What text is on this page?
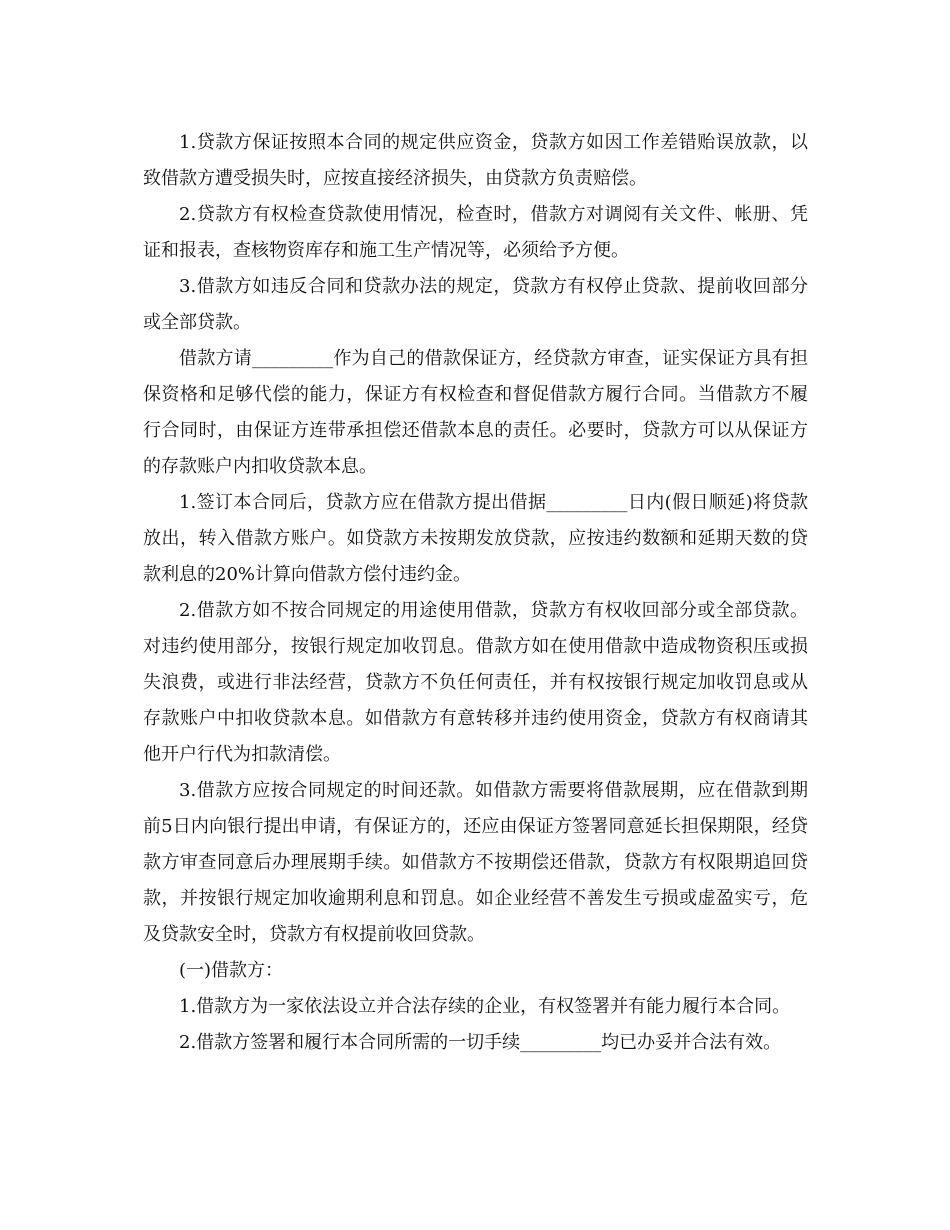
1.贷款方保证按照本合同的规定供应资金，贷款方如因工作差错贻误放款，以致借款方遭受损失时，应按直接经济损失，由贷款方负责赔偿。

2.贷款方有权检查贷款使用情况，检查时，借款方对调阅有关文件、帐册、凭证和报表，查核物资库存和施工生产情况等，必须给予方便。

3.借款方如违反合同和贷款办法的规定，贷款方有权停止贷款、提前收回部分或全部贷款。

借款方请_________作为自己的借款保证方，经贷款方审查，证实保证方具有担保资格和足够代偿的能力，保证方有权检查和督促借款方履行合同。当借款方不履行合同时，由保证方连带承担偿还借款本息的责任。必要时，贷款方可以从保证方的存款账户内扣收贷款本息。

1.签订本合同后，贷款方应在借款方提出借据_________日内(假日顺延)将贷款放出，转入借款方账户。如贷款方未按期发放贷款，应按违约数额和延期天数的贷款利息的20%计算向借款方偿付违约金。

2.借款方如不按合同规定的用途使用借款，贷款方有权收回部分或全部贷款。对违约使用部分，按银行规定加收罚息。借款方如在使用借款中造成物资积压或损失浪费，或进行非法经营，贷款方不负任何责任，并有权按银行规定加收罚息或从存款账户中扣收贷款本息。如借款方有意转移并违约使用资金，贷款方有权商请其他开户行代为扣款清偿。

3.借款方应按合同规定的时间还款。如借款方需要将借款展期，应在借款到期前5日内向银行提出申请，有保证方的，还应由保证方签署同意延长担保期限，经贷款方审查同意后办理展期手续。如借款方不按期偿还借款，贷款方有权限期追回贷款，并按银行规定加收逾期利息和罚息。如企业经营不善发生亏损或虚盈实亏，危及贷款安全时，贷款方有权提前收回贷款。

(一)借款方：

1.借款方为一家依法设立并合法存续的企业，有权签署并有能力履行本合同。

2.借款方签署和履行本合同所需的一切手续_________均已办妥并合法有效。
